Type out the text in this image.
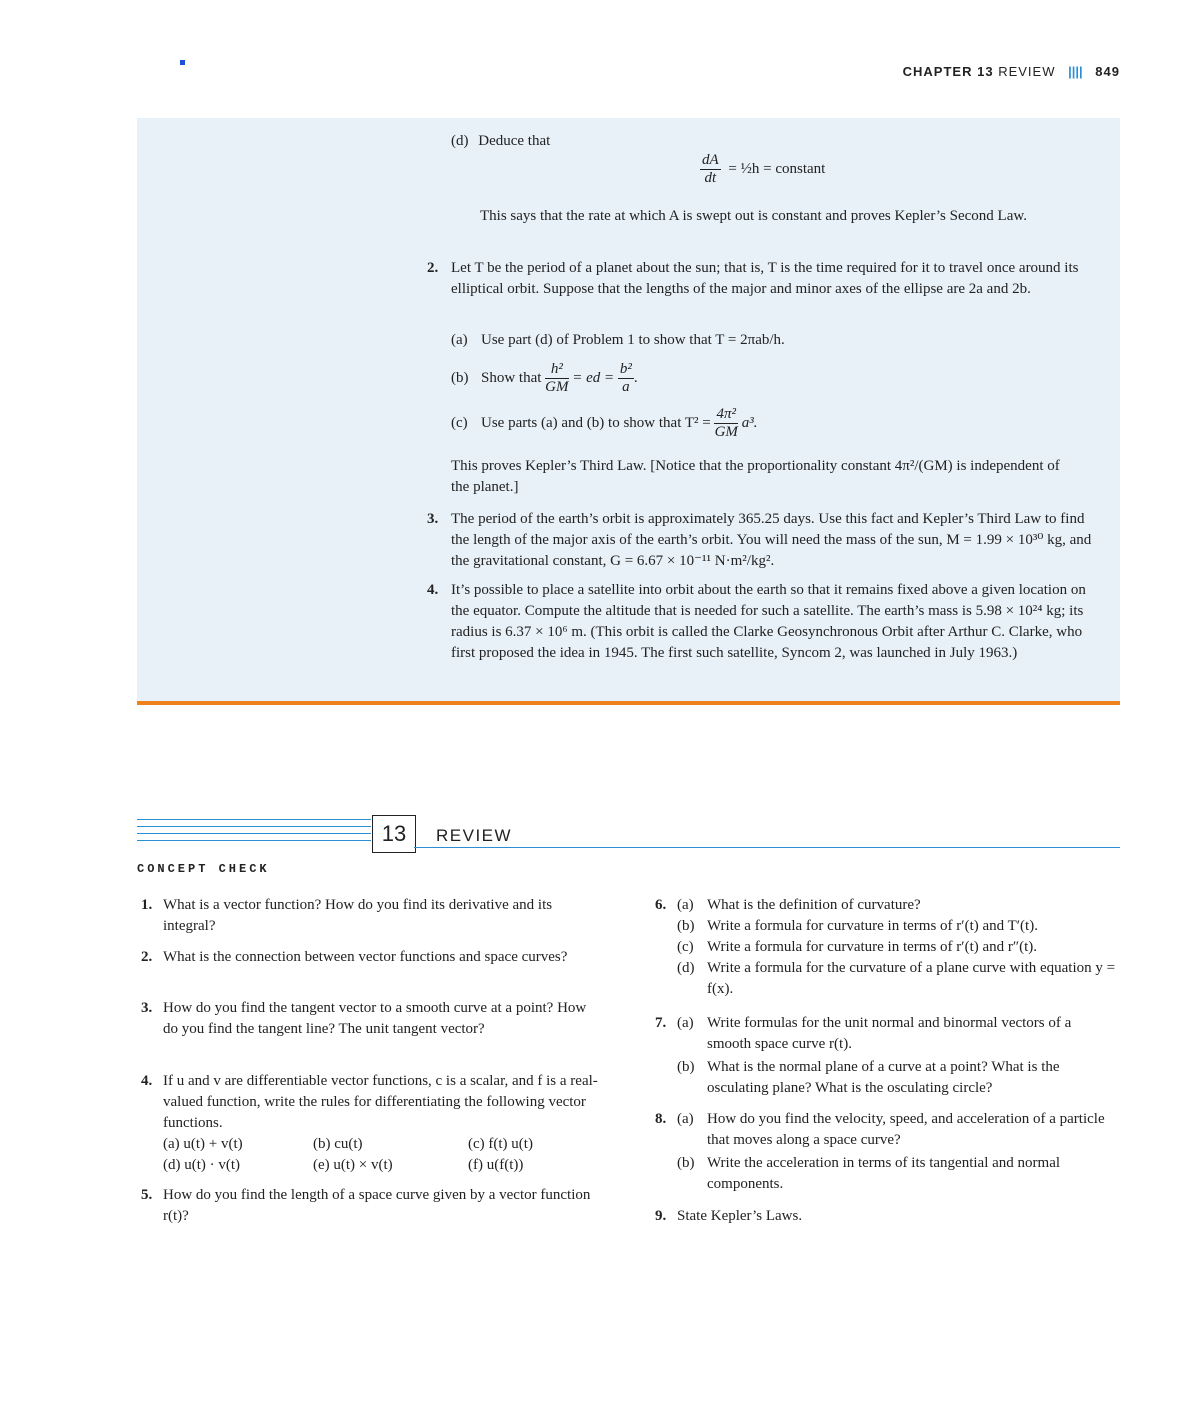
CHAPTER 13 REVIEW |||| 849
(d) Deduce that
$\frac{dA}{dt}$ = ½h = constant
This says that the rate at which A is swept out is constant and proves Kepler’s Second Law.
2. Let T be the period of a planet about the sun; that is, T is the time required for it to travel once around its elliptical orbit. Suppose that the lengths of the major and minor axes of the ellipse are 2a and 2b.
(a) Use part (d) of Problem 1 to show that T = 2πab/h.
(b) Show that $\frac{\text{h²}}{GM}$ = ed = $\frac{\text{b²}}{a}$ .
(c) Use parts (a) and (b) to show that $T^2 = \frac{\text{4π²}}{GM} a^3$.
This proves Kepler’s Third Law. [Notice that the proportionality constant 4π²/(GM) is independent of the planet.]
3. The period of the earth’s orbit is approximately 365.25 days. Use this fact and Kepler’s Third Law to find the length of the major axis of the earth’s orbit. You will need the mass of the sun, M = 1.99 × 10³⁰ kg, and the gravitational constant, G = 6.67 × 10⁻¹¹ N·m²/kg².
4. It’s possible to place a satellite into orbit about the earth so that it remains fixed above a given location on the equator. Compute the altitude that is needed for such a satellite. The earth’s mass is 5.98 × 10²⁴ kg; its radius is 6.37 × 10⁶ m. (This orbit is called the Clarke Geosynchronous Orbit after Arthur C. Clarke, who first proposed the idea in 1945. The first such satellite, Syncom 2, was launched in July 1963.)
13	REVIEW
CONCEPT CHECK
1. What is a vector function? How do you find its derivative and its integral?
2. What is the connection between vector functions and space curves?
3. How do you find the tangent vector to a smooth curve at a point? How do you find the tangent line? The unit tangent vector?
4. If u and v are differentiable vector functions, c is a scalar, and f is a real-valued function, write the rules for differentiating the following vector functions.
(a) u(t) + v(t)	(b) cu(t)	(c) f(t) u(t)
(d) u(t) · v(t)	(e) u(t) × v(t)	(f) u(f(t))
5. How do you find the length of a space curve given by a vector function r(t)?
6. (a) What is the definition of curvature?
(b) Write a formula for curvature in terms of r′(t) and T′(t).
(c) Write a formula for curvature in terms of r′(t) and r″(t).
(d) Write a formula for the curvature of a plane curve with equation y = f(x).
7. (a) Write formulas for the unit normal and binormal vectors of a smooth space curve r(t).
(b) What is the normal plane of a curve at a point? What is the osculating plane? What is the osculating circle?
8. (a) How do you find the velocity, speed, and acceleration of a particle that moves along a space curve?
(b) Write the acceleration in terms of its tangential and normal components.
9. State Kepler’s Laws.
